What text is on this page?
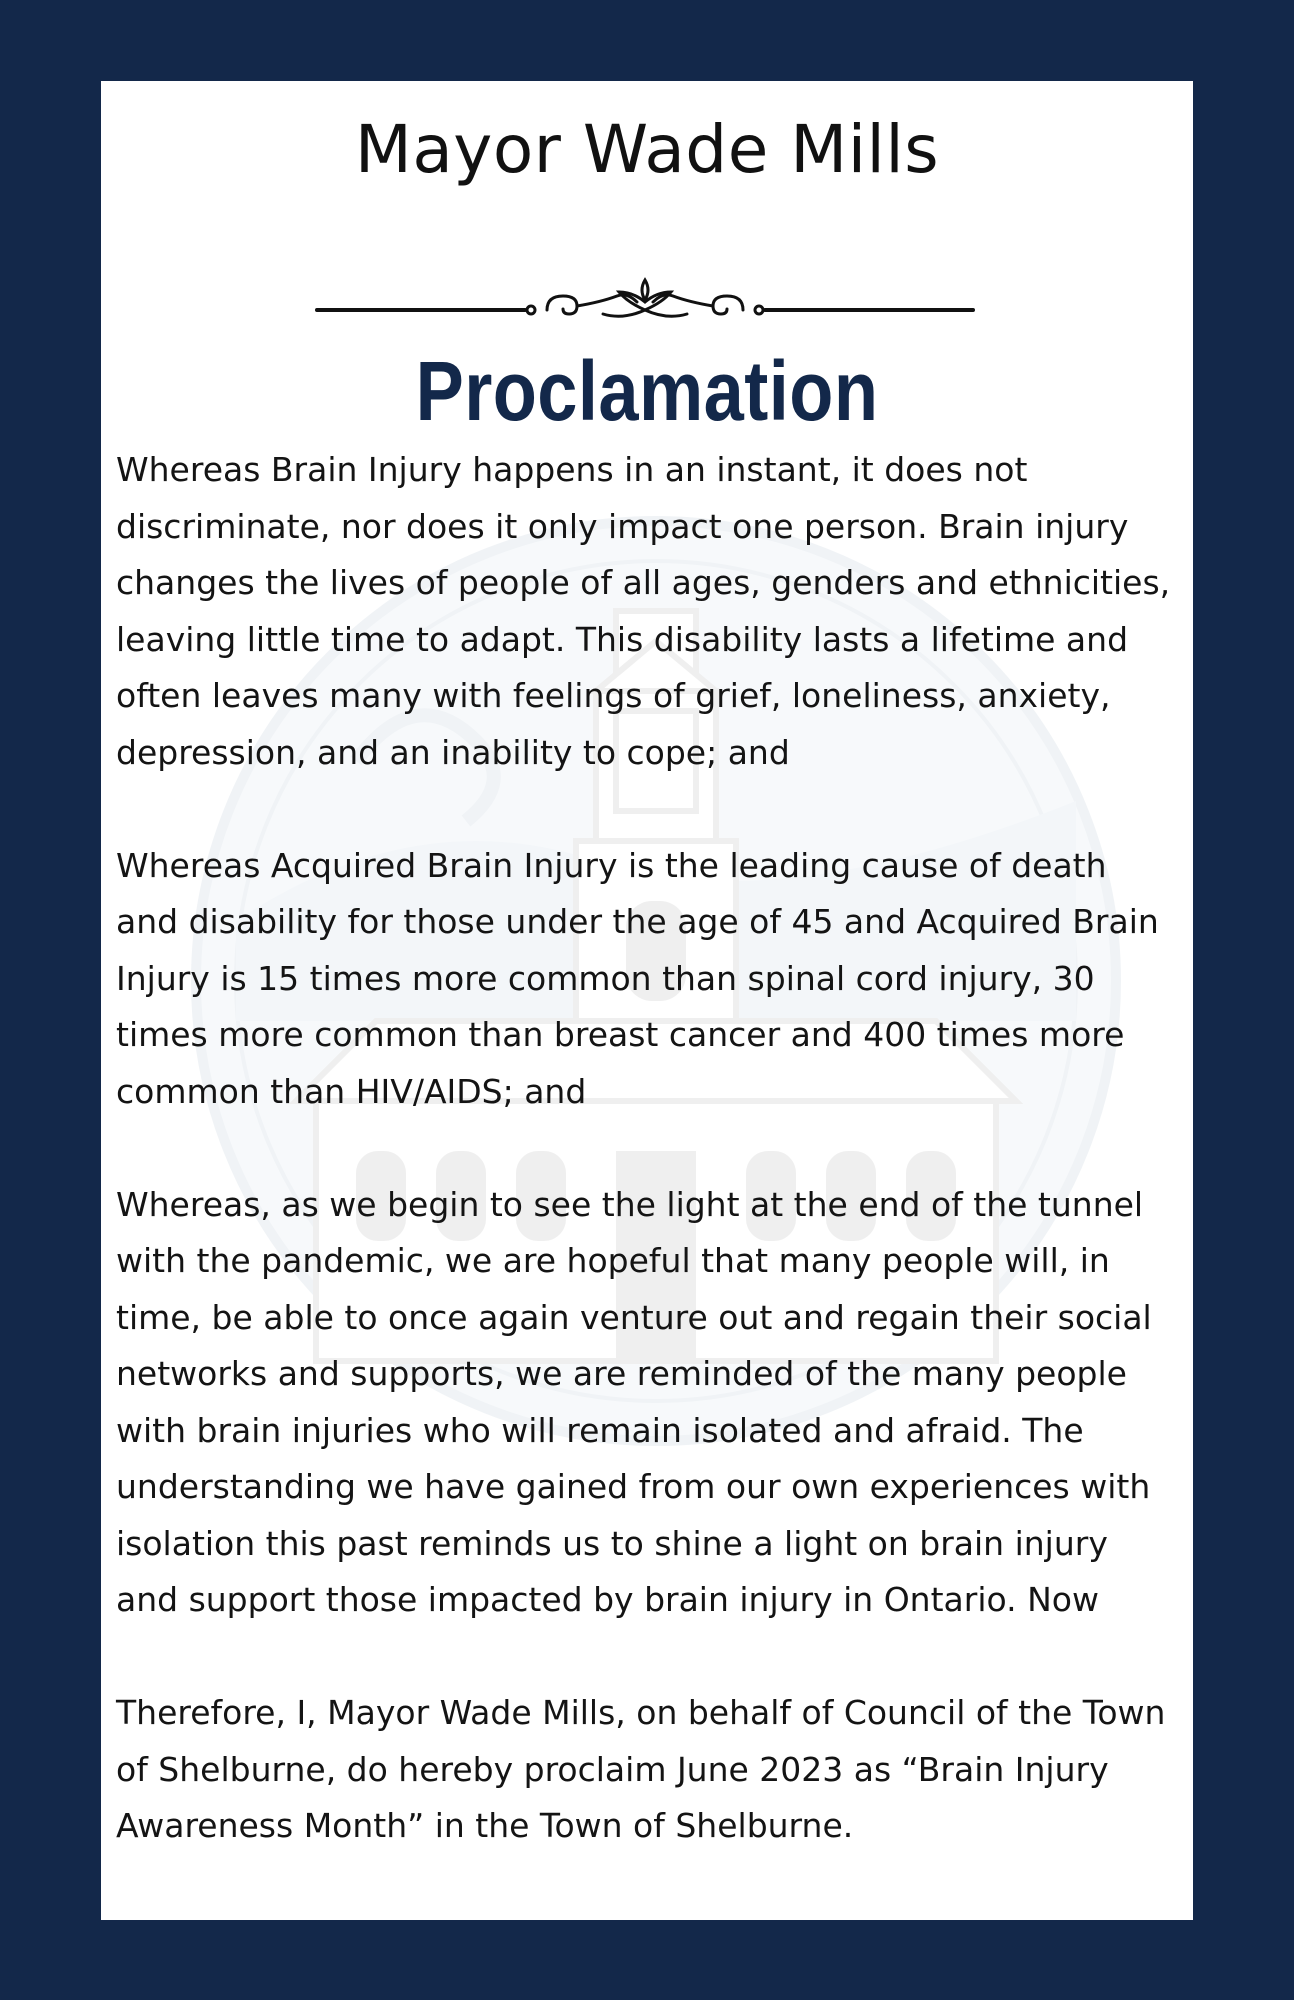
Mayor Wade Mills
Proclamation

Whereas Brain Injury happens in an instant, it does not
discriminate, nor does it only impact one person. Brain injury
changes the lives of people of all ages, genders and ethnicities,
leaving little time to adapt. This disability lasts a lifetime and
often leaves many with feelings of grief, loneliness, anxiety,
depression, and an inability to cope; and

Whereas Acquired Brain Injury is the leading cause of death
and disability for those under the age of 45 and Acquired Brain
Injury is 15 times more common than spinal cord injury, 30
times more common than breast cancer and 400 times more
common than HIV/AIDS; and

Whereas, as we begin to see the light at the end of the tunnel
with the pandemic, we are hopeful that many people will, in
time, be able to once again venture out and regain their social
networks and supports, we are reminded of the many people
with brain injuries who will remain isolated and afraid. The
understanding we have gained from our own experiences with
isolation this past reminds us to shine a light on brain injury
and support those impacted by brain injury in Ontario. Now

Therefore, I, Mayor Wade Mills, on behalf of Council of the Town
of Shelburne, do hereby proclaim June 2023 as “Brain Injury
Awareness Month” in the Town of Shelburne.
